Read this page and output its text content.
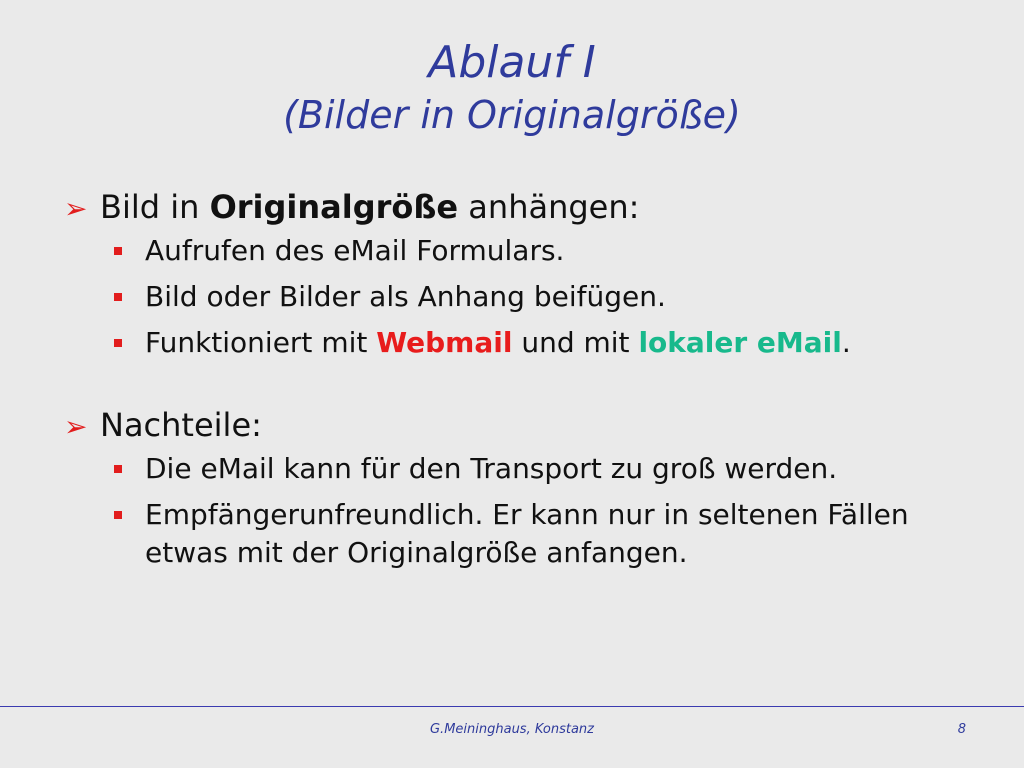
Ablauf I
(Bilder in Originalgröße)

➢ Bild in Originalgröße anhängen:

Aufrufen des eMail Formulars.

Bild oder Bilder als Anhang beifügen.

Funktioniert mit Webmail und mit lokaler eMail.

➢ Nachteile:

Die eMail kann für den Transport zu groß werden.

Empfängerunfreundlich. Er kann nur in seltenen Fällen etwas mit der Originalgröße anfangen.

G.Meininghaus, Konstanz	8
